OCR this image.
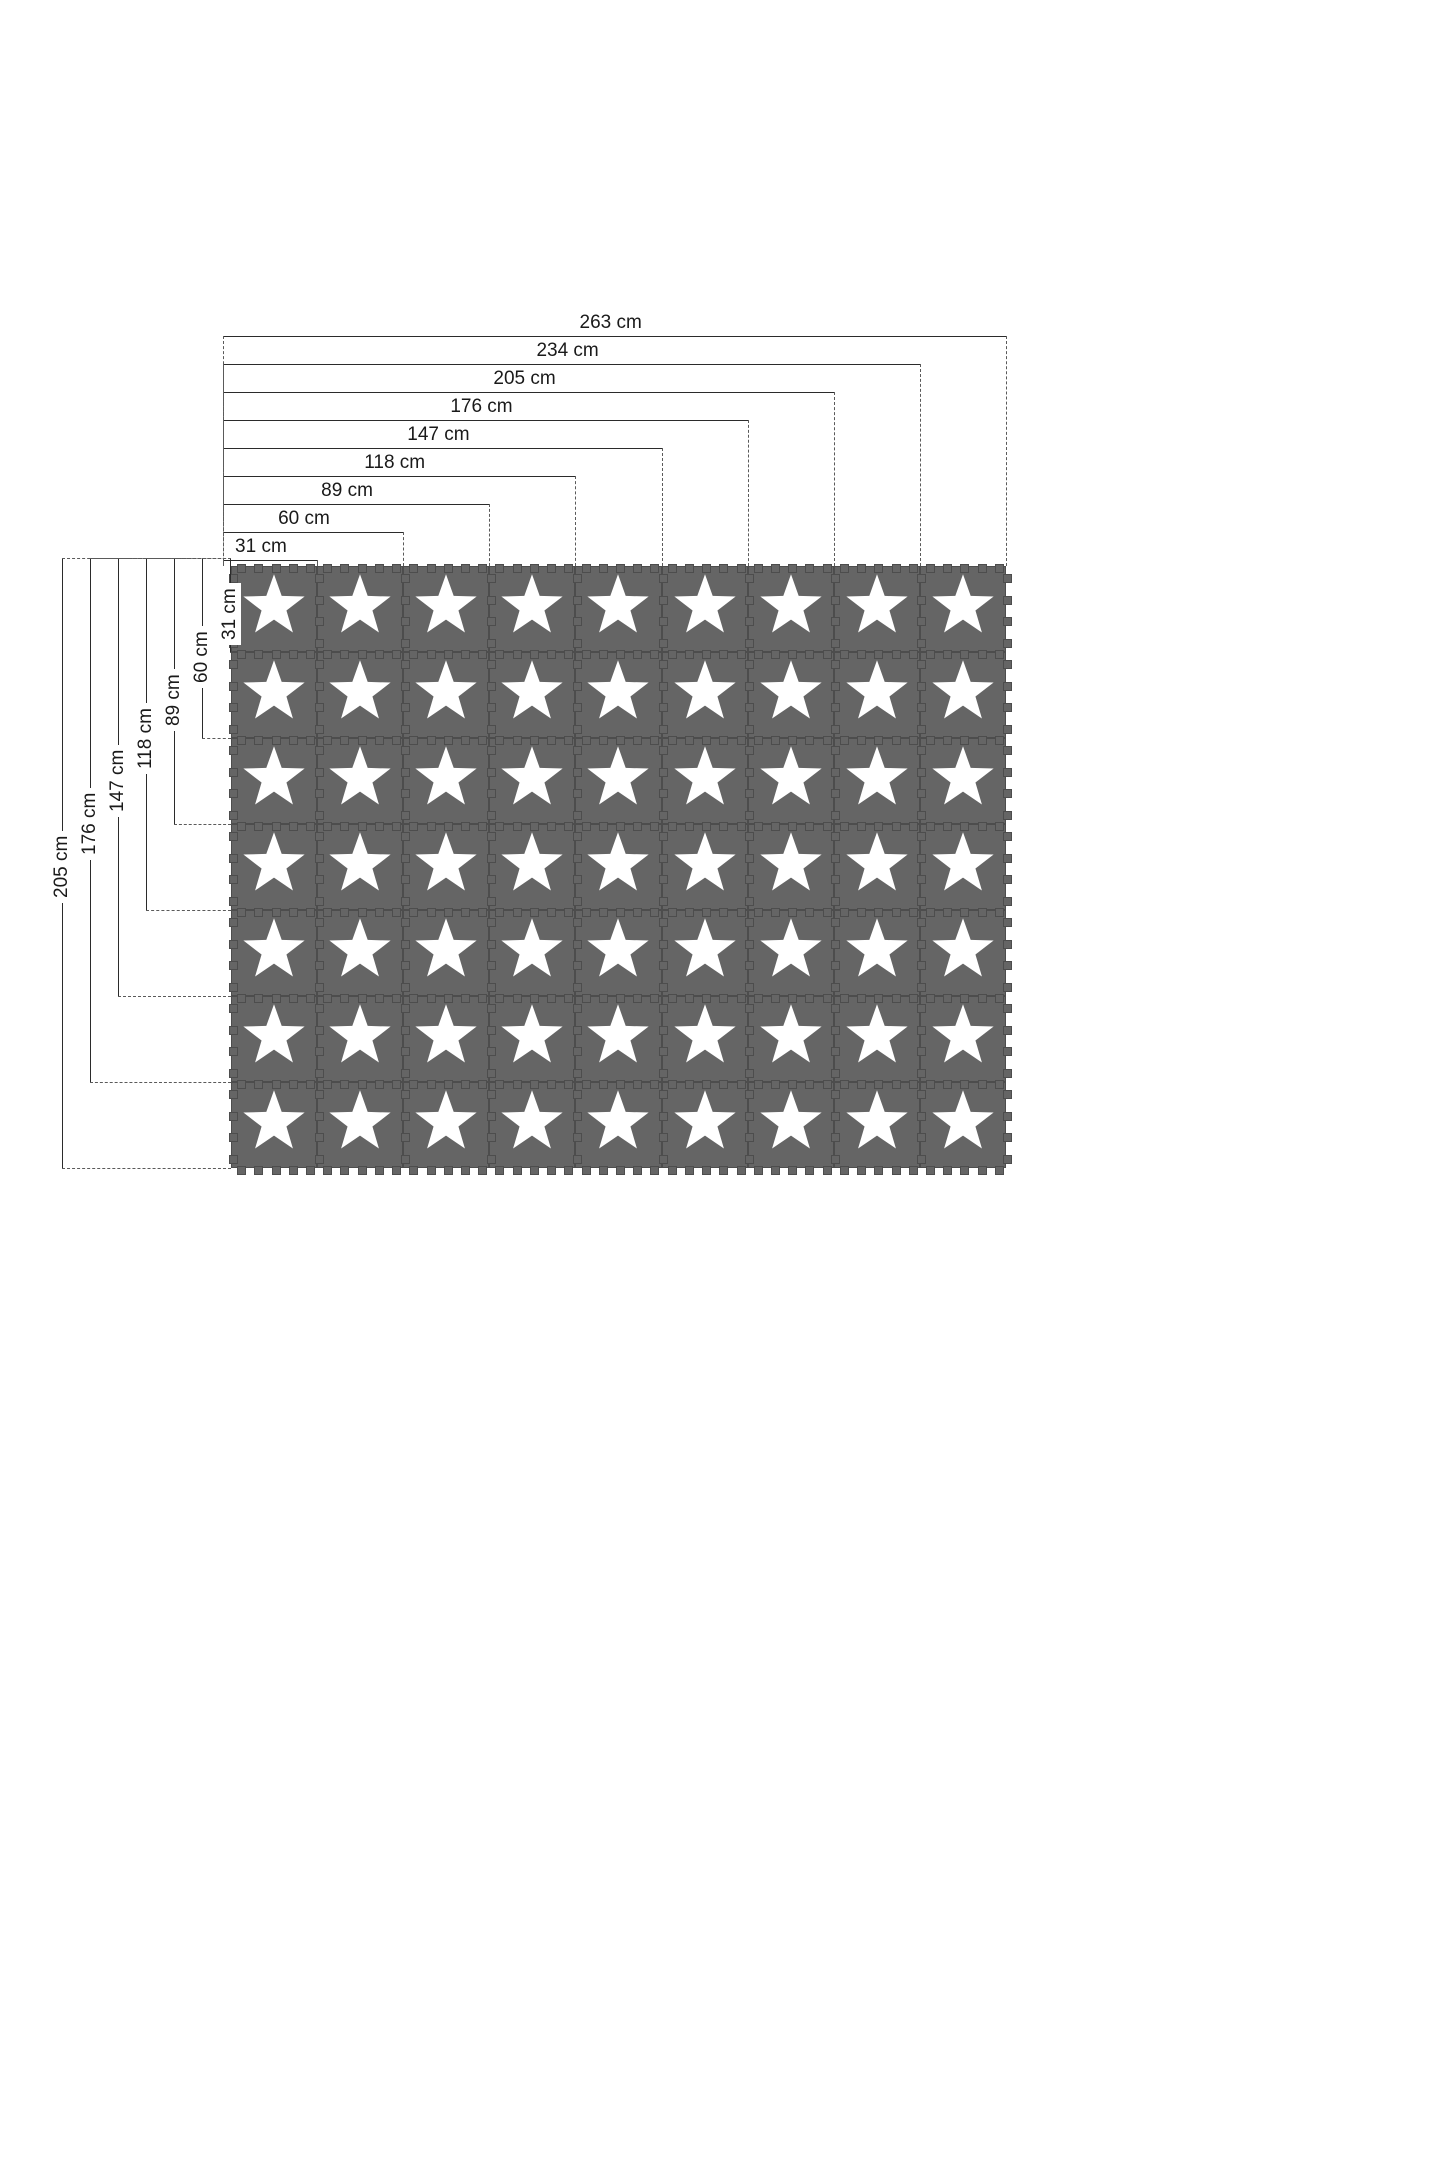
263 cm
234 cm
205 cm
176 cm
147 cm
118 cm
89 cm
60 cm
31 cm
205 cm
176 cm
147 cm
118 cm
89 cm
60 cm
31 cm
